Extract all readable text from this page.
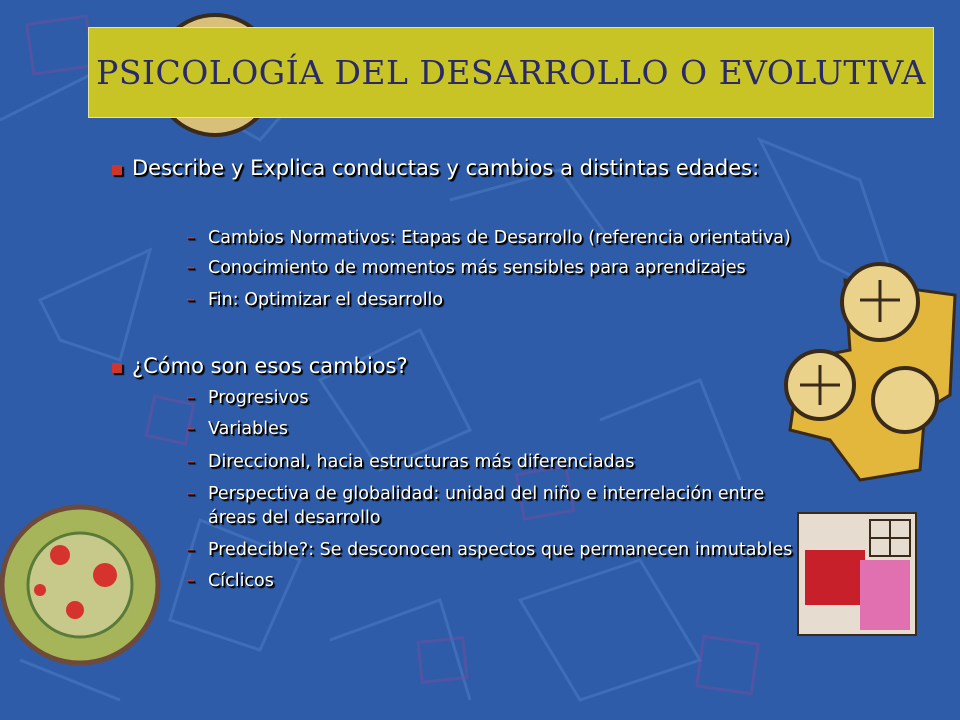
PSICOLOGÍA DEL DESARROLLO O EVOLUTIVA
Describe y Explica conductas y cambios a distintas edades:
– Cambios Normativos: Etapas de Desarrollo (referencia orientativa)
– Conocimiento de momentos más sensibles para aprendizajes
– Fin: Optimizar el desarrollo
¿Cómo son esos cambios?
– Progresivos
– Variables
– Direccional, hacia estructuras más diferenciadas
– Perspectiva de globalidad: unidad del niño e interrelación entre
áreas del desarrollo
– Predecible?: Se desconocen aspectos que permanecen inmutables
– Cíclicos
